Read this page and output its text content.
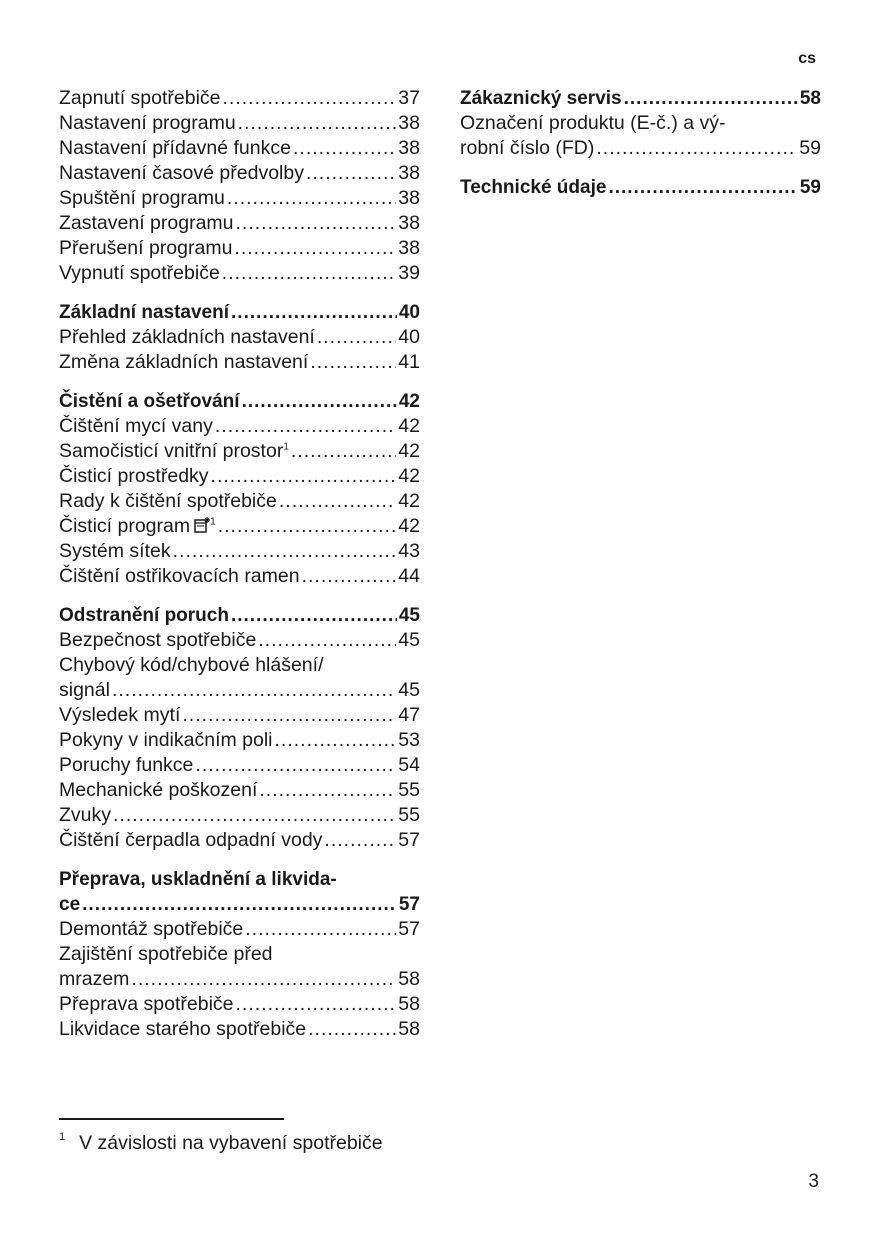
cs
Zapnutí spotřebiče .....	37
Nastavení programu .....	38
Nastavení přídavné funkce .....	38
Nastavení časové předvolby .....	38
Spuštění programu .....	38
Zastavení programu .....	38
Přerušení programu .....	38
Vypnutí spotřebiče .....	39
Základní nastavení .....	40
Přehled základních nastavení .....	40
Změna základních nastavení .....	41
Čistění a ošetřování .....	42
Čištění mycí vany .....	42
Samočisticí vnitřní prostor$^1$ .....	42
Čisticí prostředky .....	42
Rady k čištění spotřebiče .....	42
Čisticí program $^1$ .....	42
Systém sítek .....	43
Čištění ostřikovacích ramen .....	44
Odstranění poruch .....	45
Bezpečnost spotřebiče .....	45
Chybový kód/chybové hlášení/
signál .....	45
Výsledek mytí .....	47
Pokyny v indikačním poli .....	53
Poruchy funkce .....	54
Mechanické poškození .....	55
Zvuky .....	55
Čištění čerpadla odpadní vody .....	57
Přeprava, uskladnění a likvida-
ce .....	57
Demontáž spotřebiče .....	57
Zajištění spotřebiče před
mrazem .....	58
Přeprava spotřebiče .....	58
Likvidace starého spotřebiče .....	58
Zákaznický servis .....	58
Označení produktu (E-č.) a vý-
robní číslo (FD) .....	59
Technické údaje .....	59
$^1$ V závislosti na vybavení spotřebiče
3
